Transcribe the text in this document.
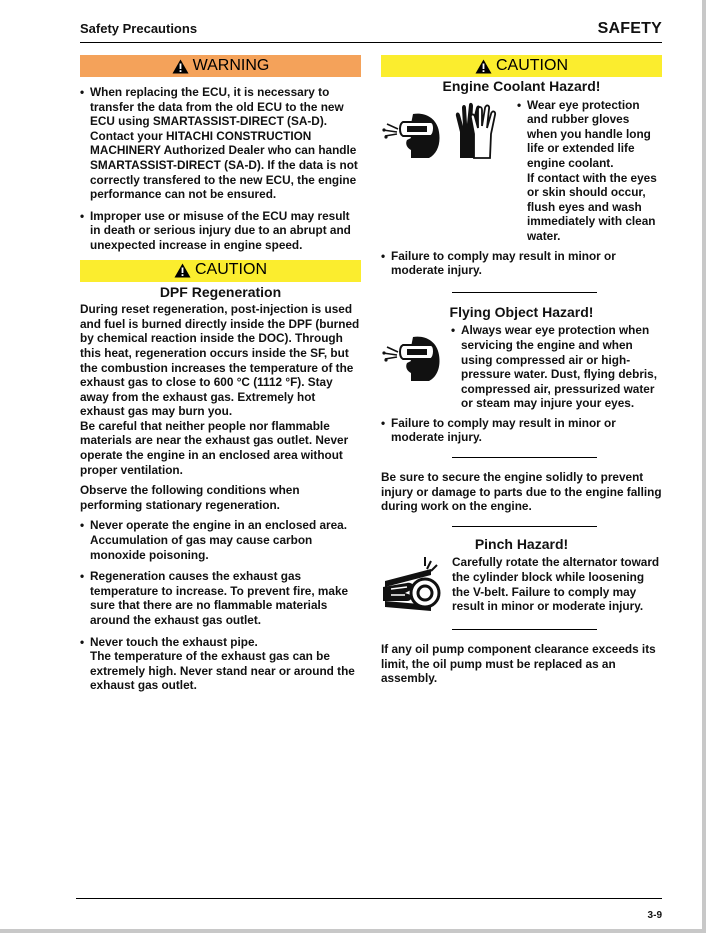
Safety Precautions	SAFETY
WARNING
• When replacing the ECU, it is necessary to transfer the data from the old ECU to the new ECU using SMARTASSIST-DIRECT (SA-D). Contact your HITACHI CONSTRUCTION MACHINERY Authorized Dealer who can handle SMARTASSIST-DIRECT (SA-D). If the data is not correctly transfered to the new ECU, the engine performance can not be ensured.
• Improper use or misuse of the ECU may result in death or serious injury due to an abrupt and unexpected increase in engine speed.
CAUTION
DPF Regeneration

During reset regeneration, post-injection is used and fuel is burned directly inside the DPF (burned by chemical reaction inside the DOC). Through this heat, regeneration occurs inside the SF, but the combustion increases the temperature of the exhaust gas to close to 600 °C (1112 °F). Stay away from the exhaust gas. Extremely hot exhaust gas may burn you.

Be careful that neither people nor flammable materials are near the exhaust gas outlet. Never operate the engine in an enclosed area without proper ventilation.

Observe the following conditions when performing stationary regeneration.

• Never operate the engine in an enclosed area. Accumulation of gas may cause carbon monoxide poisoning.
• Regeneration causes the exhaust gas temperature to increase. To prevent fire, make sure that there are no flammable materials around the exhaust gas outlet.
• Never touch the exhaust pipe.
The temperature of the exhaust gas can be extremely high. Never stand near or around the exhaust gas outlet.
CAUTION
Engine Coolant Hazard!

• Wear eye protection and rubber gloves when you handle long life or extended life engine coolant.
If contact with the eyes or skin should occur, flush eyes and wash immediately with clean water.
• Failure to comply may result in minor or moderate injury.
Flying Object Hazard!
• Always wear eye protection when servicing the engine and when using compressed air or high-pressure water. Dust, flying debris, compressed air, pressurized water or steam may injure your eyes.
• Failure to comply may result in minor or moderate injury.

Be sure to secure the engine solidly to prevent injury or damage to parts due to the engine falling during work on the engine.

Pinch Hazard!
Carefully rotate the alternator toward the cylinder block while loosening the V-belt. Failure to comply may result in minor or moderate injury.

If any oil pump component clearance exceeds its limit, the oil pump must be replaced as an assembly.

3-9
